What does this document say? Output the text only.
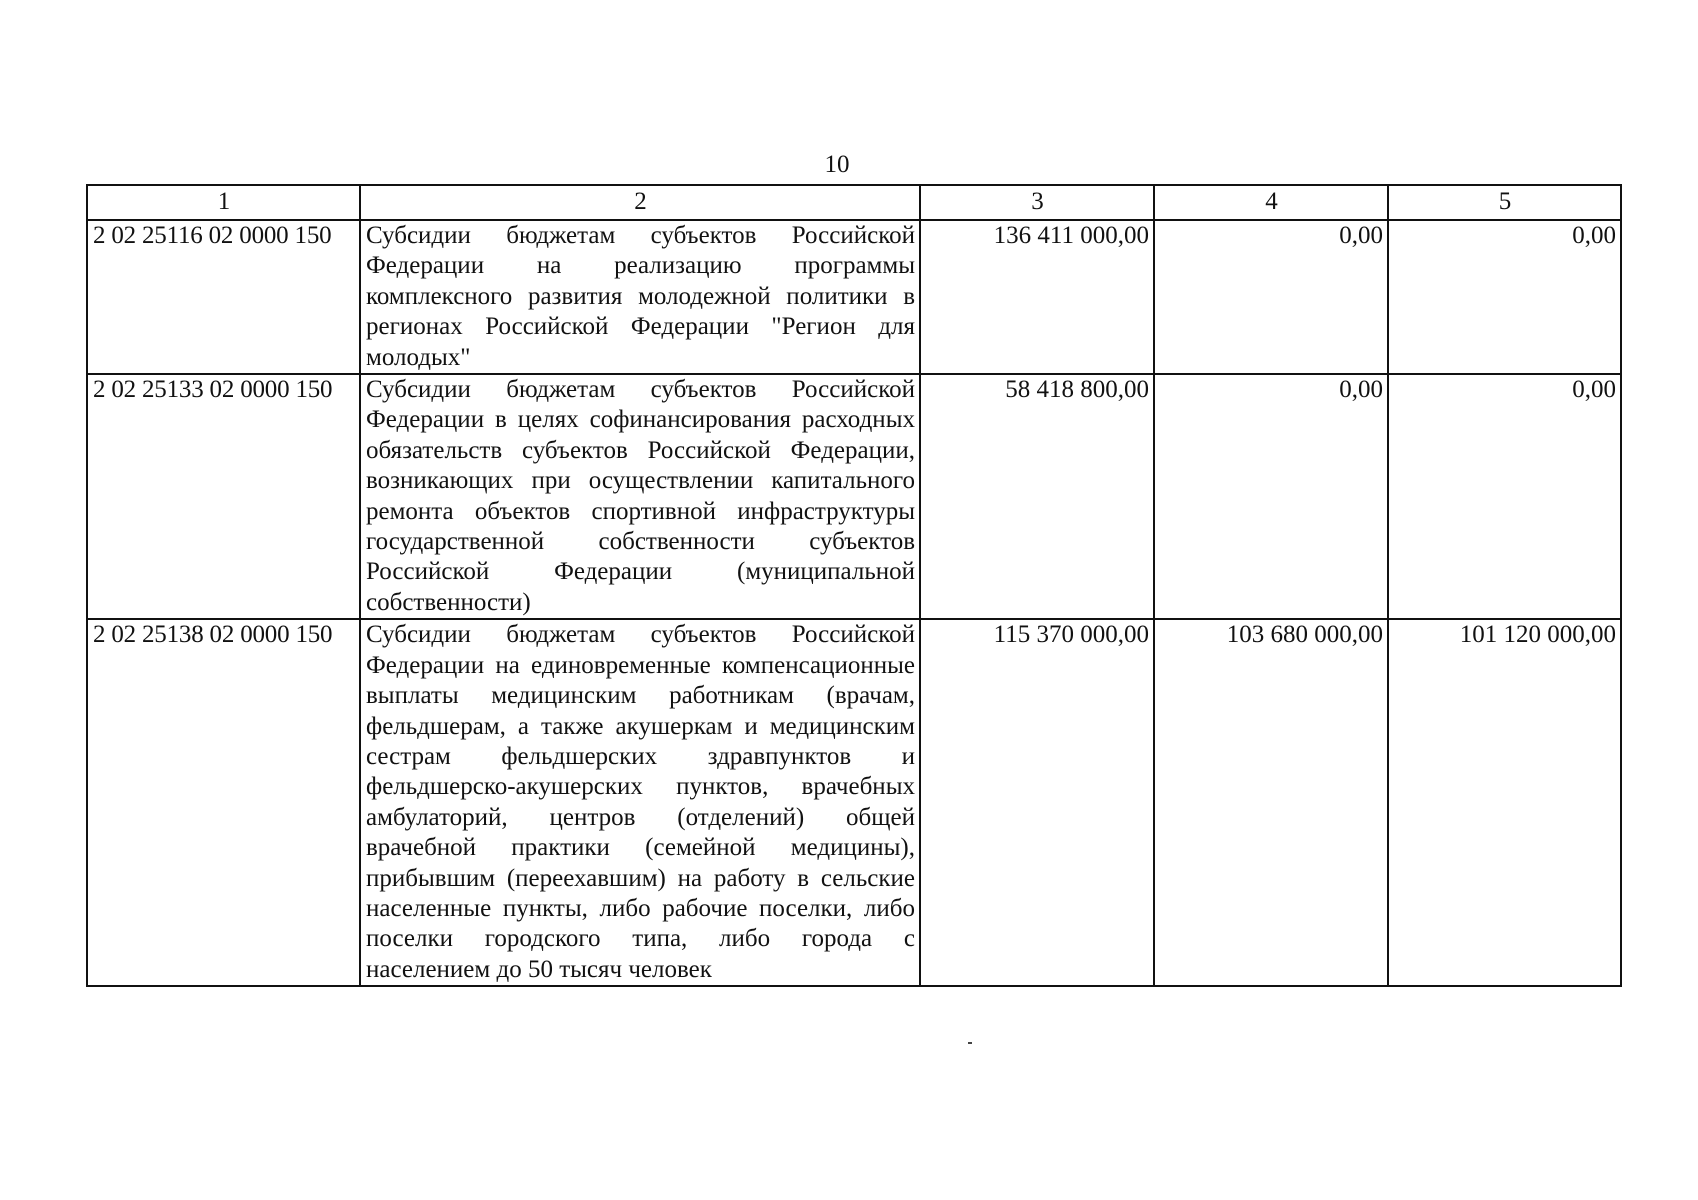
10
1	2	3	4	5
2 02 25116 02 0000 150	Субсидии бюджетам субъектов Российской Федерации на реализацию программы комплексного развития молодежной политики в регионах Российской Федерации "Регион для молодых"	136 411 000,00	0,00	0,00
2 02 25133 02 0000 150	Субсидии бюджетам субъектов Российской Федерации в целях софинансирования расходных обязательств субъектов Российской Федерации, возникающих при осуществлении капитального ремонта объектов спортивной инфраструктуры государственной собственности субъектов Российской Федерации (муниципальной собственности)	58 418 800,00	0,00	0,00
2 02 25138 02 0000 150	Субсидии бюджетам субъектов Российской Федерации на единовременные компенсационные выплаты медицинским работникам (врачам, фельдшерам, а также акушеркам и медицинским сестрам фельдшерских здравпунктов и фельдшерско-акушерских пунктов, врачебных амбулаторий, центров (отделений) общей врачебной практики (семейной медицины), прибывшим (переехавшим) на работу в сельские населенные пункты, либо рабочие поселки, либо поселки городского типа, либо города с населением до 50 тысяч человек	115 370 000,00	103 680 000,00	101 120 000,00
